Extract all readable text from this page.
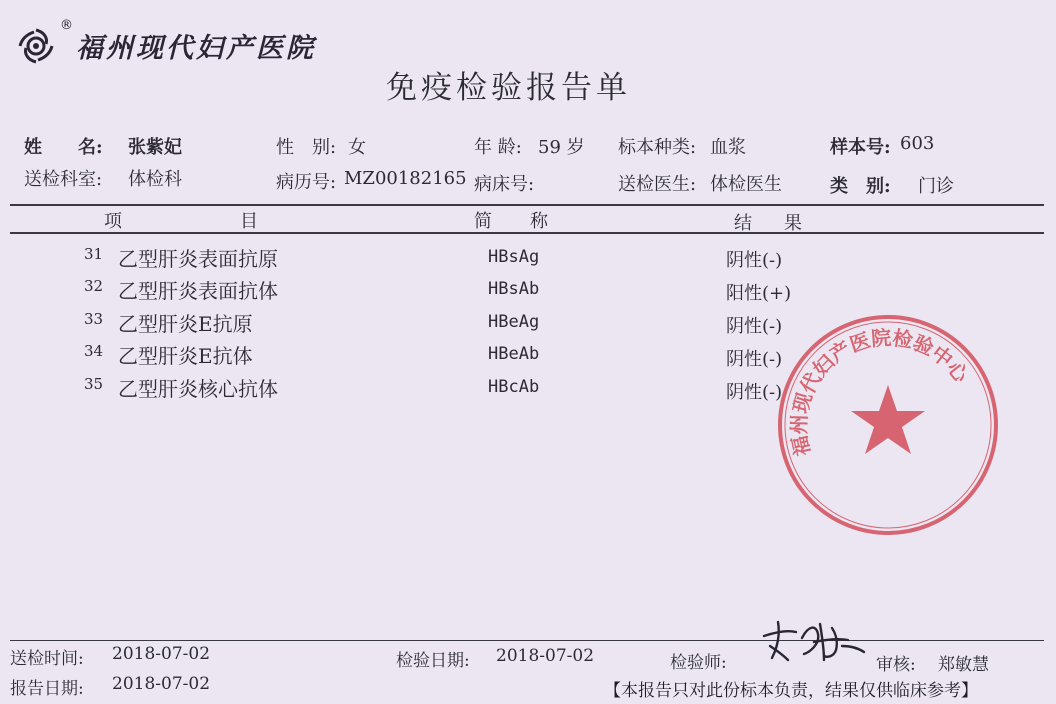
®
福州现代妇产医院
免疫检验报告单
姓　　名: 张紫妃	性　别: 女	年 龄: 59 岁 标本种类: 血浆	样本号: 603
送检科室: 体检科	病历号: MZ00182165 病床号:	送检医生: 体检医生	类　别: 门诊
项	目	简 称	结 果
31 乙型肝炎表面抗原	HBsAg	阴性(-)
32 乙型肝炎表面抗体	HBsAb	阳性(+)
33 乙型肝炎E抗原	HBeAg	阴性(-)
34 乙型肝炎E抗体	HBeAb	阴性(-)
35 乙型肝炎核心抗体	HBcAb	阴性(-)
福州现代妇产医院检验中心
送检时间: 2018-07-02	检验日期: 2018-07-02	检验师:	审核: 郑敏慧
报告日期: 2018-07-02	【本报告只对此份标本负责，结果仅供临床参考】
